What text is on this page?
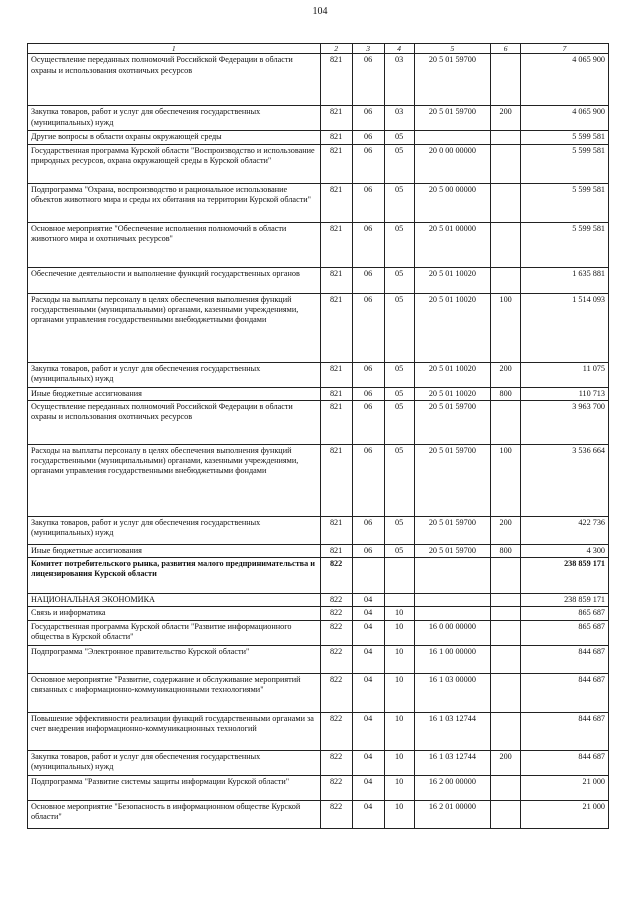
104
1	2	3	4	5	6	7
Осуществление переданных полномочий Российской Федерации в области охраны и использования охотничьих ресурсов	821	06	03	20 5 01 59700		4 065 900
Закупка товаров, работ и услуг для обеспечения государственных (муниципальных) нужд	821	06	03	20 5 01 59700	200	4 065 900
Другие вопросы в области охраны окружающей среды	821	06	05			5 599 581
Государственная программа Курской области "Воспроизводство и использование природных ресурсов, охрана окружающей среды в Курской области"	821	06	05	20 0 00 00000		5 599 581
Подпрограмма "Охрана, воспроизводство и рациональное использование объектов животного мира и среды их обитания на территории Курской области"	821	06	05	20 5 00 00000		5 599 581
Основное мероприятие "Обеспечение исполнения полномочий в области животного мира и охотничьих ресурсов"	821	06	05	20 5 01 00000		5 599 581
Обеспечение деятельности и выполнение функций государственных органов	821	06	05	20 5 01 10020		1 635 881
Расходы на выплаты персоналу в целях обеспечения выполнения функций государственными (муниципальными) органами, казенными учреждениями, органами управления государственными внебюджетными фондами	821	06	05	20 5 01 10020	100	1 514 093
Закупка товаров, работ и услуг для обеспечения государственных (муниципальных) нужд	821	06	05	20 5 01 10020	200	11 075
Иные бюджетные ассигнования	821	06	05	20 5 01 10020	800	110 713
Осуществление переданных полномочий Российской Федерации в области охраны и использования охотничьих ресурсов	821	06	05	20 5 01 59700		3 963 700
Расходы на выплаты персоналу в целях обеспечения выполнения функций государственными (муниципальными) органами, казенными учреждениями, органами управления государственными внебюджетными фондами	821	06	05	20 5 01 59700	100	3 536 664
Закупка товаров, работ и услуг для обеспечения государственных (муниципальных) нужд	821	06	05	20 5 01 59700	200	422 736
Иные бюджетные ассигнования	821	06	05	20 5 01 59700	800	4 300
Комитет потребительского рынка, развития малого предпринимательства и лицензирования Курской области	822					238 859 171
НАЦИОНАЛЬНАЯ ЭКОНОМИКА	822	04				238 859 171
Связь и информатика	822	04	10			865 687
Государственная программа Курской области "Развитие информационного общества в Курской области"	822	04	10	16 0 00 00000		865 687
Подпрограмма "Электронное правительство Курской области"	822	04	10	16 1 00 00000		844 687
Основное мероприятие "Развитие, содержание и обслуживание мероприятий связанных с информационно-коммуникационными технологиями"	822	04	10	16 1 03 00000		844 687
Повышение эффективности реализации функций государственными органами за счет внедрения информационно-коммуникационных технологий	822	04	10	16 1 03 12744		844 687
Закупка товаров, работ и услуг для обеспечения государственных (муниципальных) нужд	822	04	10	16 1 03 12744	200	844 687
Подпрограмма "Развитие системы защиты информации Курской области"	822	04	10	16 2 00 00000		21 000
Основное мероприятие "Безопасность в информационном обществе Курской области"	822	04	10	16 2 01 00000		21 000
